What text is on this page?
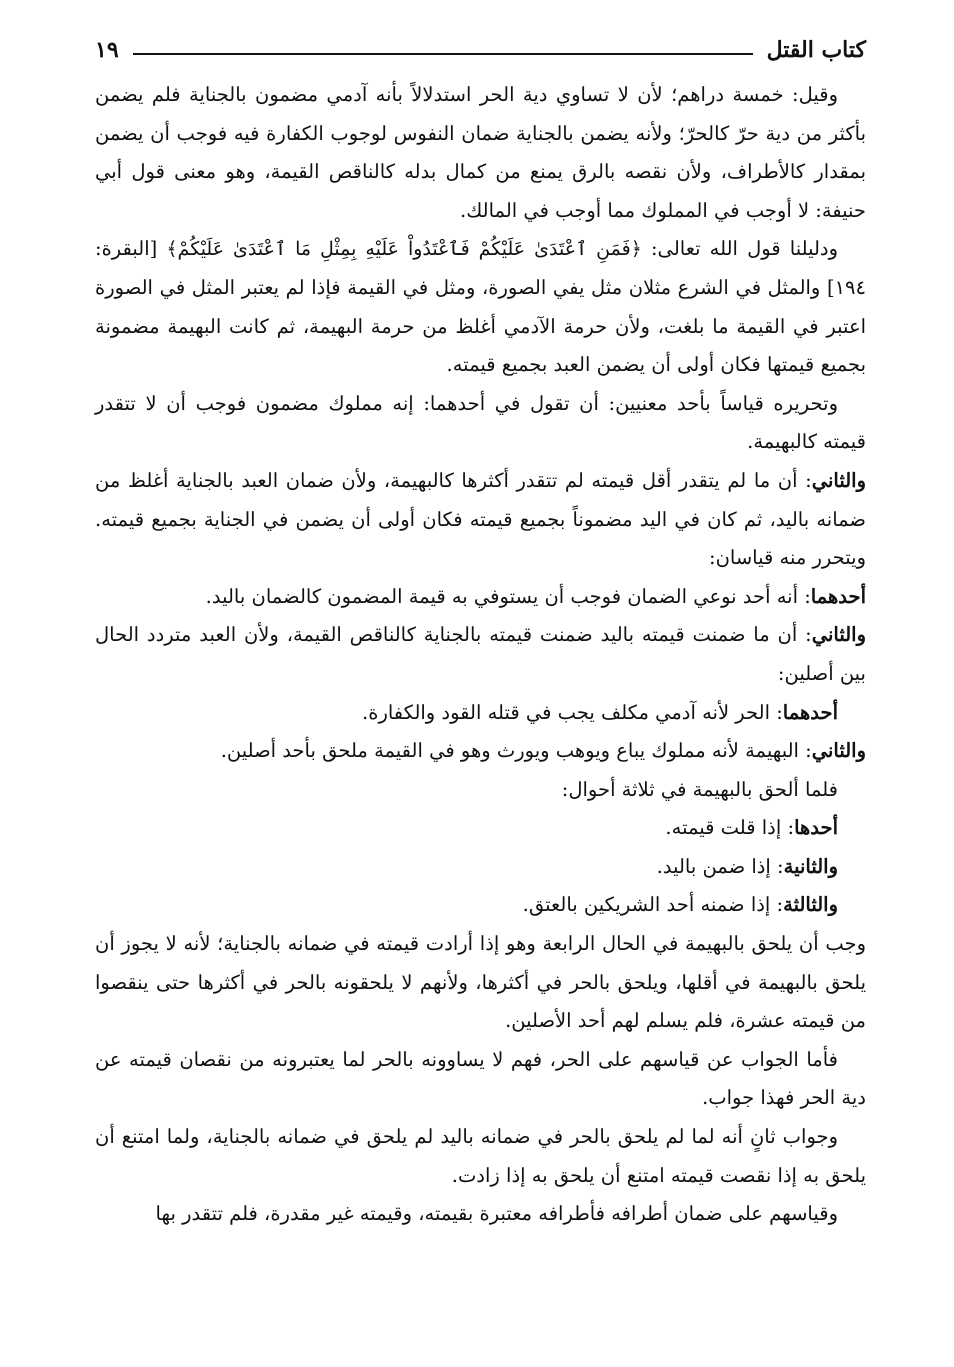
كتاب القتل
١٩

وقيل: خمسة دراهم؛ لأن لا تساوي دية الحر استدلالاً بأنه آدمي مضمون بالجناية فلم يضمن بأكثر من دية حرّ كالحرّ؛ ولأنه يضمن بالجناية ضمان النفوس لوجوب الكفارة فيه فوجب أن يضمن بمقدار كالأطراف، ولأن نقصه بالرق يمنع من كمال بدله كالناقص القيمة، وهو معنى قول أبي حنيفة: لا أوجب في المملوك مما أوجب في المالك.

ودليلنا قول الله تعالى: ﴿فَمَنِ ٱعْتَدَىٰ عَلَيْكُمْ فَٱعْتَدُواْ عَلَيْهِ بِمِثْلِ مَا ٱعْتَدَىٰ عَلَيْكُمْ﴾ [البقرة: ١٩٤] والمثل في الشرع مثلان مثل يفي الصورة، ومثل في القيمة فإذا لم يعتبر المثل في الصورة اعتبر في القيمة ما بلغت، ولأن حرمة الآدمي أغلظ من حرمة البهيمة، ثم كانت البهيمة مضمونة بجميع قيمتها فكان أولى أن يضمن العبد بجميع قيمته.

وتحريره قياساً بأحد معنيين: أن تقول في أحدهما: إنه مملوك مضمون فوجب أن لا تتقدر قيمته كالبهيمة.

والثاني: أن ما لم يتقدر أقل قيمته لم تتقدر أكثرها كالبهيمة، ولأن ضمان العبد بالجناية أغلظ من ضمانه باليد، ثم كان في اليد مضموناً بجميع قيمته فكان أولى أن يضمن في الجناية بجميع قيمته. ويتحرر منه قياسان:

أحدهما: أنه أحد نوعي الضمان فوجب أن يستوفي به قيمة المضمون كالضمان باليد.

والثاني: أن ما ضمنت قيمته باليد ضمنت قيمته بالجناية كالناقص القيمة، ولأن العبد متردد الحال بين أصلين:

أحدهما: الحر لأنه آدمي مكلف يجب في قتله القود والكفارة.

والثاني: البهيمة لأنه مملوك يباع ويوهب ويورث وهو في القيمة ملحق بأحد أصلين.

فلما ألحق بالبهيمة في ثلاثة أحوال:

أحدها: إذا قلت قيمته.

والثانية: إذا ضمن باليد.

والثالثة: إذا ضمنه أحد الشريكين بالعتق.

وجب أن يلحق بالبهيمة في الحال الرابعة وهو إذا أرادت قيمته في ضمانه بالجناية؛ لأنه لا يجوز أن يلحق بالبهيمة في أقلها، ويلحق بالحر في أكثرها، ولأنهم لا يلحقونه بالحر في أكثرها حتى ينقصوا من قيمته عشرة، فلم يسلم لهم أحد الأصلين.

فأما الجواب عن قياسهم على الحر، فهم لا يساوونه بالحر لما يعتبرونه من نقصان قيمته عن دية الحر فهذا جواب.

وجواب ثانٍ أنه لما لم يلحق بالحر في ضمانه باليد لم يلحق في ضمانه بالجناية، ولما امتنع أن يلحق به إذا نقصت قيمته امتنع أن يلحق به إذا زادت.

وقياسهم على ضمان أطرافه فأطرافه معتبرة بقيمته، وقيمته غير مقدرة، فلم تتقدر بها
